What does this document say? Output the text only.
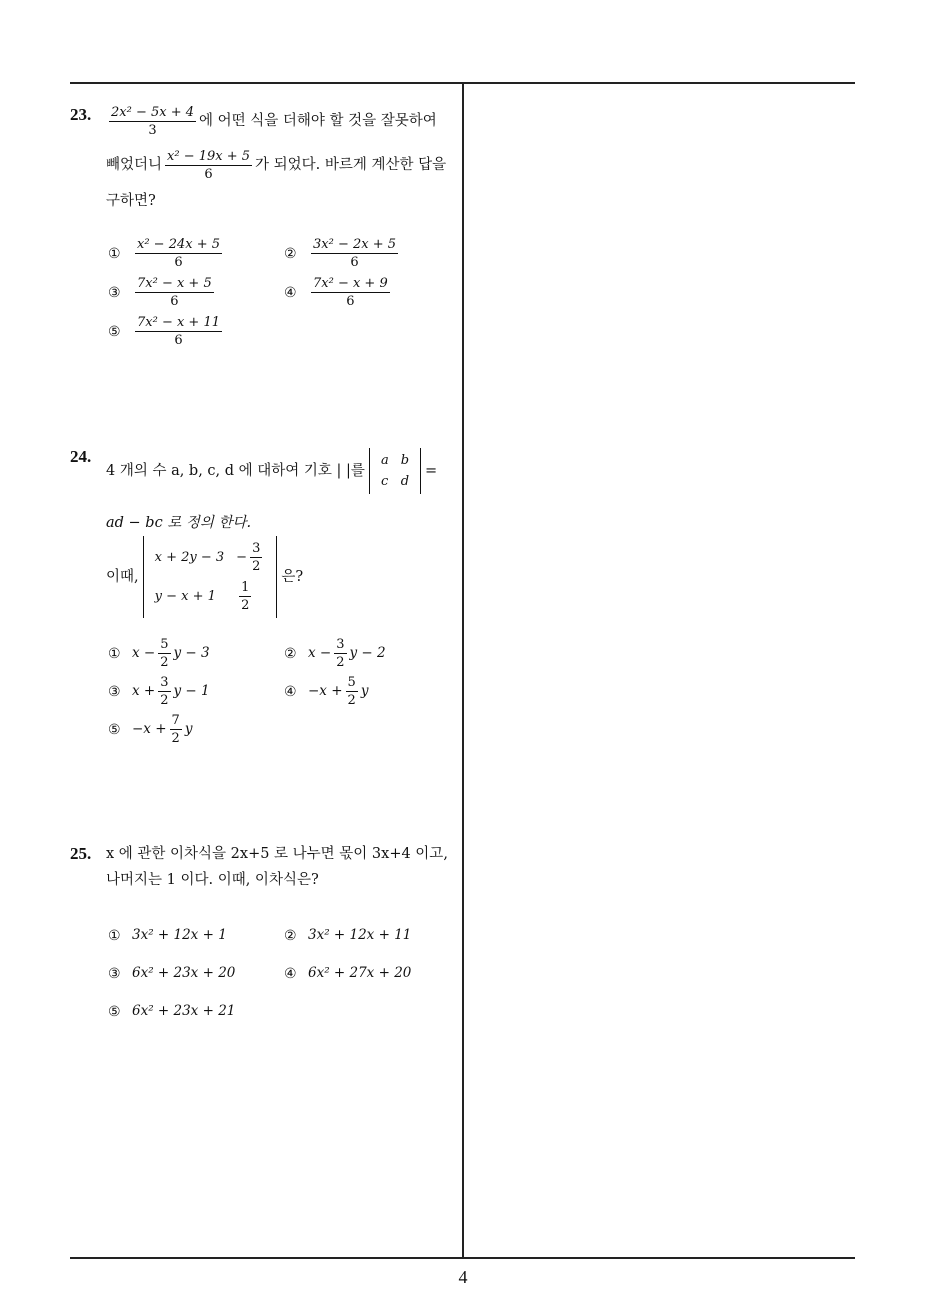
23. $\frac{\text{2x² − 5x + 4}}{3}$ 에 어떤 식을 더해야 할 것을 잘못하여
빼었더니 $\frac{\text{x² − 19x + 5}}{6}$ 가 되었다. 바르게 계산한 답을
구하면?
①	$\frac{\text{x² − 24x + 5}}{6}$	②	$\frac{\text{3x² − 2x + 5}}{6}$
③	$\frac{\text{7x² − x + 5}}{6}$	④	$\frac{\text{7x² − x + 9}}{6}$
⑤	$\frac{\text{7x² − x + 11}}{6}$
24.
4 개의 수 a, b, c, d 에 대하여 기호 | |를
a	b
c	d
=
ad − bc 로 정의 한다.
이때,
x + 2y − 3	− $\frac{3}{2}$

y − x + 1	$\frac{1}{2}$
은?
① $x - \frac{5}{2}$ y − 3	② $x - \frac{3}{2}$ y − 2
③ $x + \frac{3}{2}$ y − 1	④ $-x + \frac{5}{2}$ y
⑤ $-x + \frac{7}{2}$ y
25. x 에 관한 이차식을 2x+5 로 나누면 몫이 3x+4 이고,
나머지는 1 이다. 이때, 이차식은?
① 3x² + 12x + 1	② 3x² + 12x + 11
③ 6x² + 23x + 20	④ 6x² + 27x + 20
⑤ 6x² + 23x + 21
4
